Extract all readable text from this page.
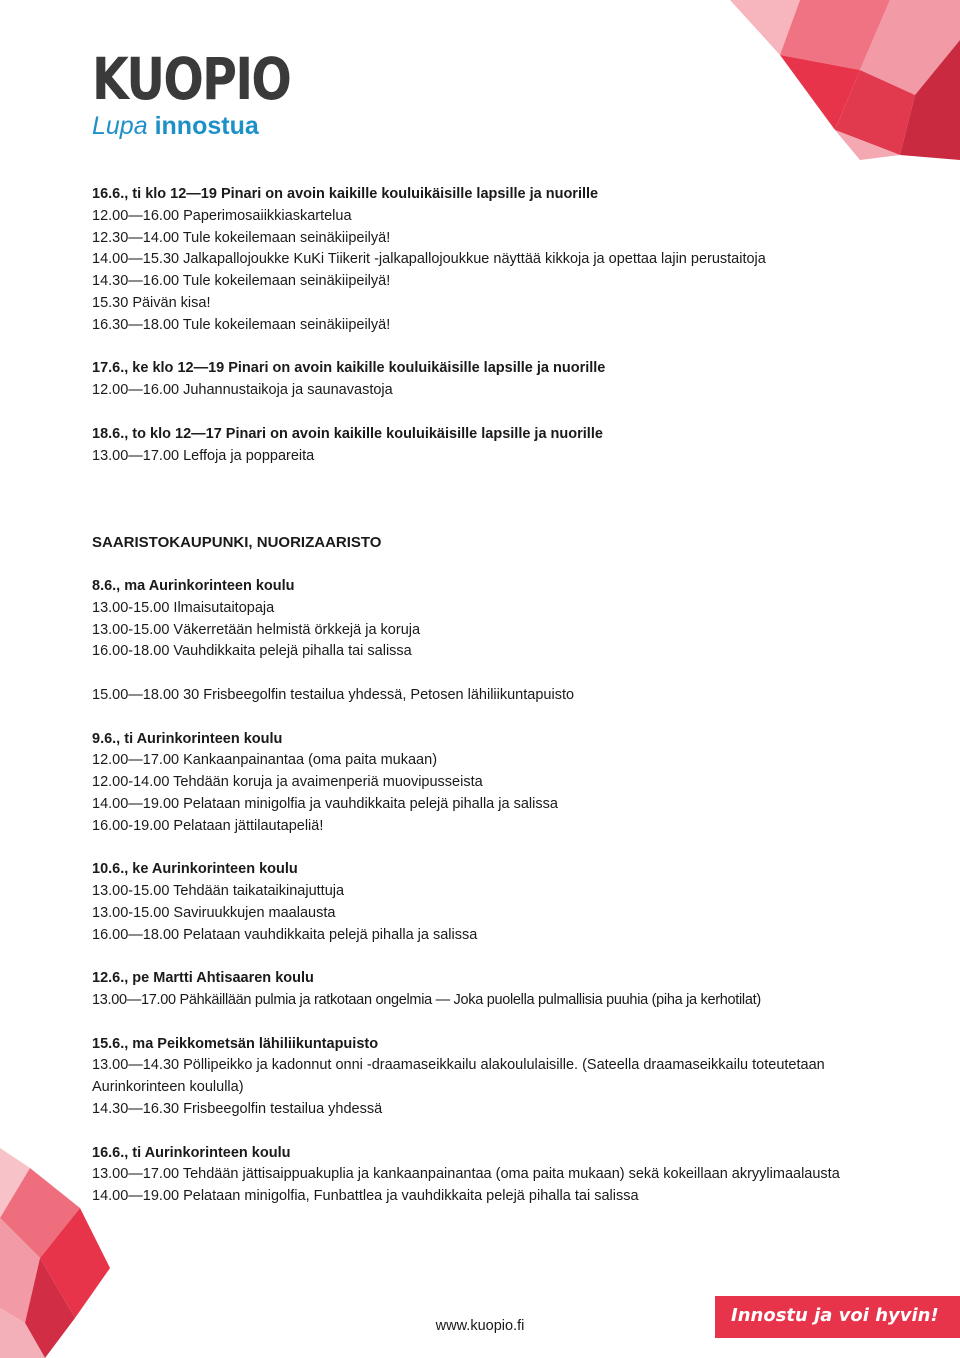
KUOPIO
Lupa innostua
16.6., ti klo 12—19 Pinari on avoin kaikille kouluikäisille lapsille ja nuorille
12.00—16.00 Paperimosaiikkiaskartelua
12.30—14.00 Tule kokeilemaan seinäkiipeilyä!
14.00—15.30 Jalkapallojoukke KuKi Tiikerit -jalkapallojoukkue näyttää kikkoja ja opettaa lajin perustaitoja
14.30—16.00 Tule kokeilemaan seinäkiipeilyä!
15.30 Päivän kisa!
16.30—18.00 Tule kokeilemaan seinäkiipeilyä!
17.6., ke klo 12—19 Pinari on avoin kaikille kouluikäisille lapsille ja nuorille
12.00—16.00 Juhannustaikoja ja saunavastoja
18.6., to klo 12—17 Pinari on avoin kaikille kouluikäisille lapsille ja nuorille
13.00—17.00 Leffoja ja poppareita
SAARISTOKAUPUNKI, NUORIZAARISTO
8.6., ma Aurinkorinteen koulu
13.00-15.00 Ilmaisutaitopaja
13.00-15.00 Väkerretään helmistä örkkejä ja koruja
16.00-18.00 Vauhdikkaita pelejä pihalla tai salissa
15.00—18.00 30 Frisbeegolfin testailua yhdessä, Petosen lähiliikuntapuisto
9.6., ti Aurinkorinteen koulu
12.00—17.00 Kankaanpainantaa (oma paita mukaan)
12.00-14.00 Tehdään koruja ja avaimenperiä muovipusseista
14.00—19.00 Pelataan minigolfia ja vauhdikkaita pelejä pihalla ja salissa
16.00-19.00 Pelataan jättilautapeliä!
10.6., ke Aurinkorinteen koulu
13.00-15.00 Tehdään taikataikinajuttuja
13.00-15.00 Saviruukkujen maalausta
16.00—18.00 Pelataan vauhdikkaita pelejä pihalla ja salissa
12.6., pe Martti Ahtisaaren koulu
13.00—17.00 Pähkäillään pulmia ja ratkotaan ongelmia — Joka puolella pulmallisia puuhia (piha ja kerhotilat)
15.6., ma Peikkometsän lähiliikuntapuisto
13.00—14.30 Pöllipeikko ja kadonnut onni -draamaseikkailu alakoululaisille. (Sateella draamaseikkailu toteutetaan Aurinkorinteen koululla)
14.30—16.30 Frisbeegolfin testailua yhdessä
16.6., ti Aurinkorinteen koulu
13.00—17.00 Tehdään jättisaippuakuplia ja kankaanpainantaa (oma paita mukaan) sekä kokeillaan akryylimaalausta
14.00—19.00 Pelataan minigolfia, Funbattlea ja vauhdikkaita pelejä pihalla tai salissa
www.kuopio.fi	Innostu ja voi hyvin!
